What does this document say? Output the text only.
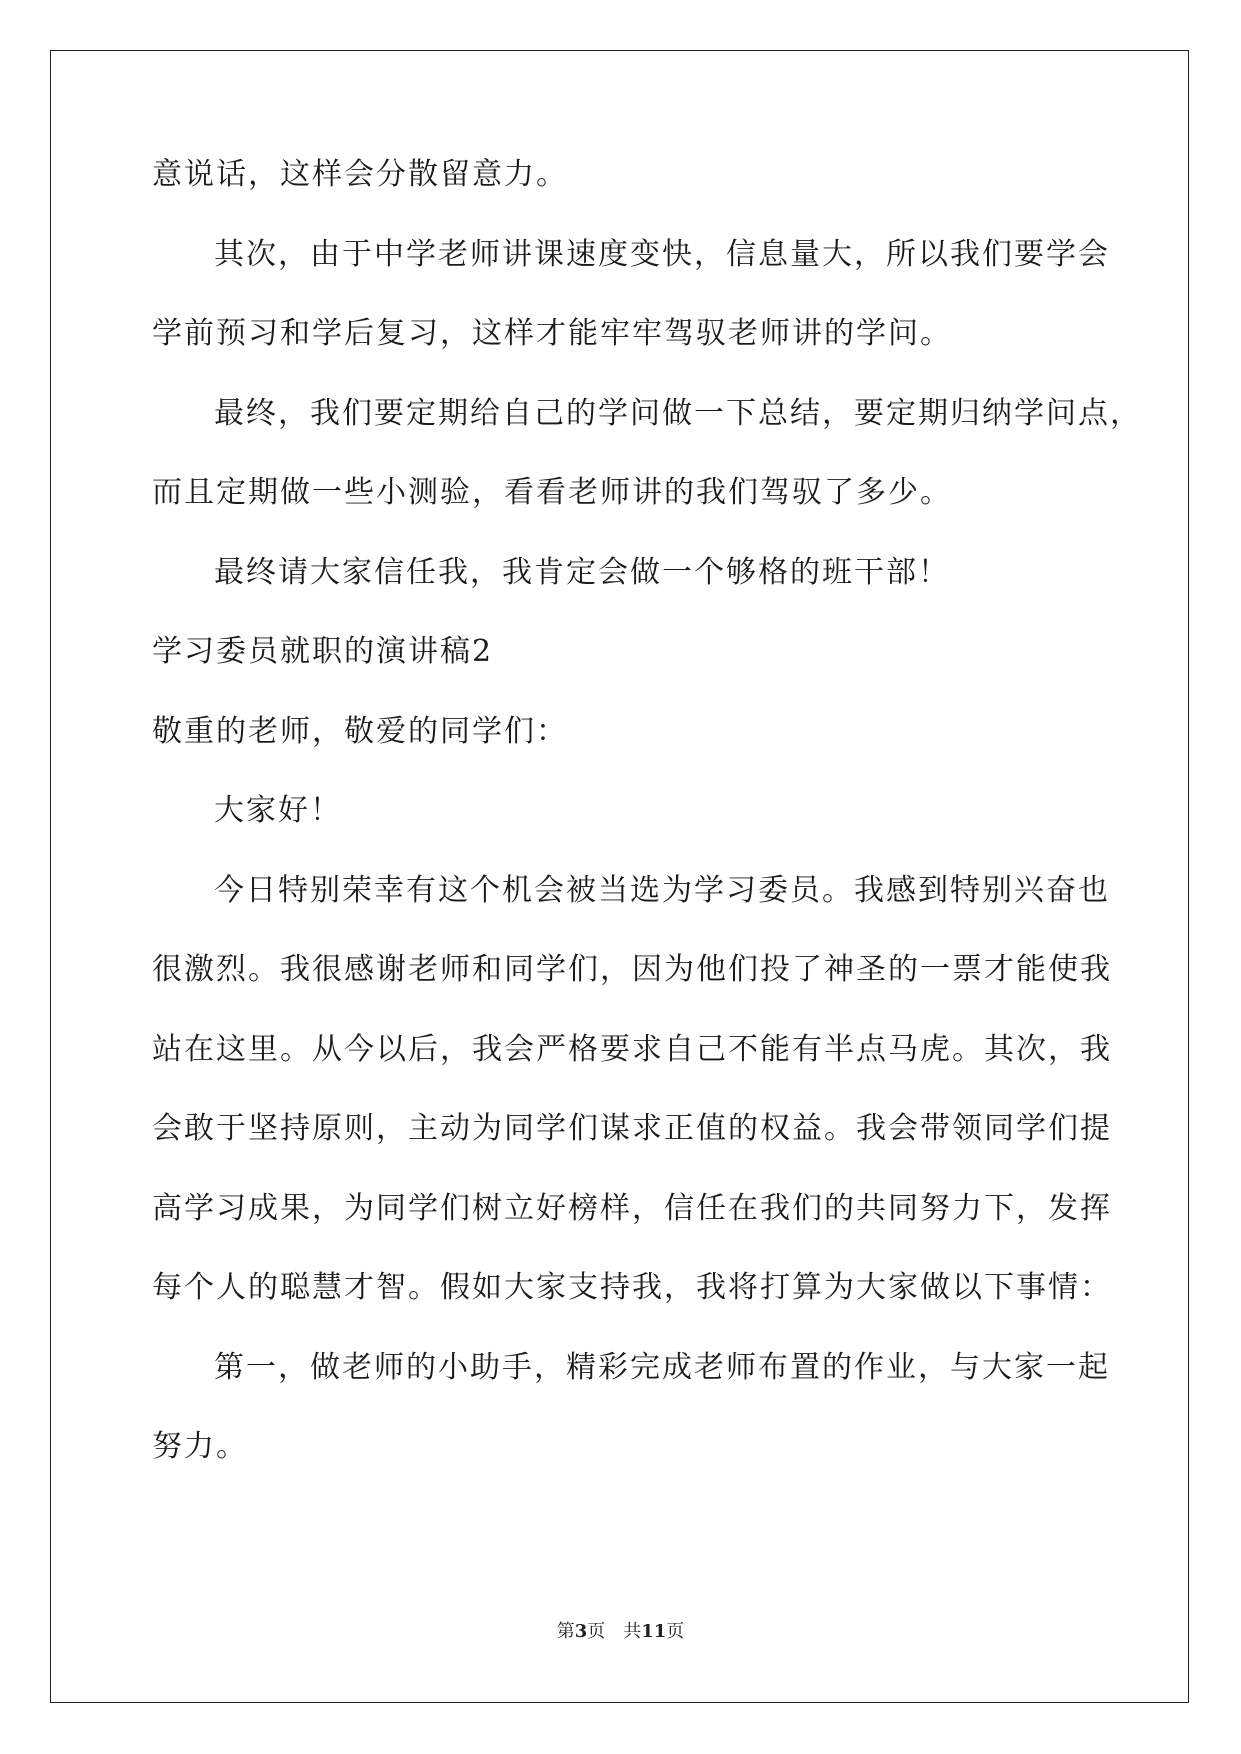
意说话，这样会分散留意力。
其次，由于中学老师讲课速度变快，信息量大，所以我们要学会
学前预习和学后复习，这样才能牢牢驾驭老师讲的学问。
最终，我们要定期给自己的学问做一下总结，要定期归纳学问点，
而且定期做一些小测验，看看老师讲的我们驾驭了多少。
最终请大家信任我，我肯定会做一个够格的班干部！
学习委员就职的演讲稿2
敬重的老师，敬爱的同学们：
大家好！
今日特别荣幸有这个机会被当选为学习委员。我感到特别兴奋也
很激烈。我很感谢老师和同学们，因为他们投了神圣的一票才能使我
站在这里。从今以后，我会严格要求自己不能有半点马虎。其次，我
会敢于坚持原则，主动为同学们谋求正值的权益。我会带领同学们提
高学习成果，为同学们树立好榜样，信任在我们的共同努力下，发挥
每个人的聪慧才智。假如大家支持我，我将打算为大家做以下事情：
第一，做老师的小助手，精彩完成老师布置的作业，与大家一起
努力。
第3页 共11页
